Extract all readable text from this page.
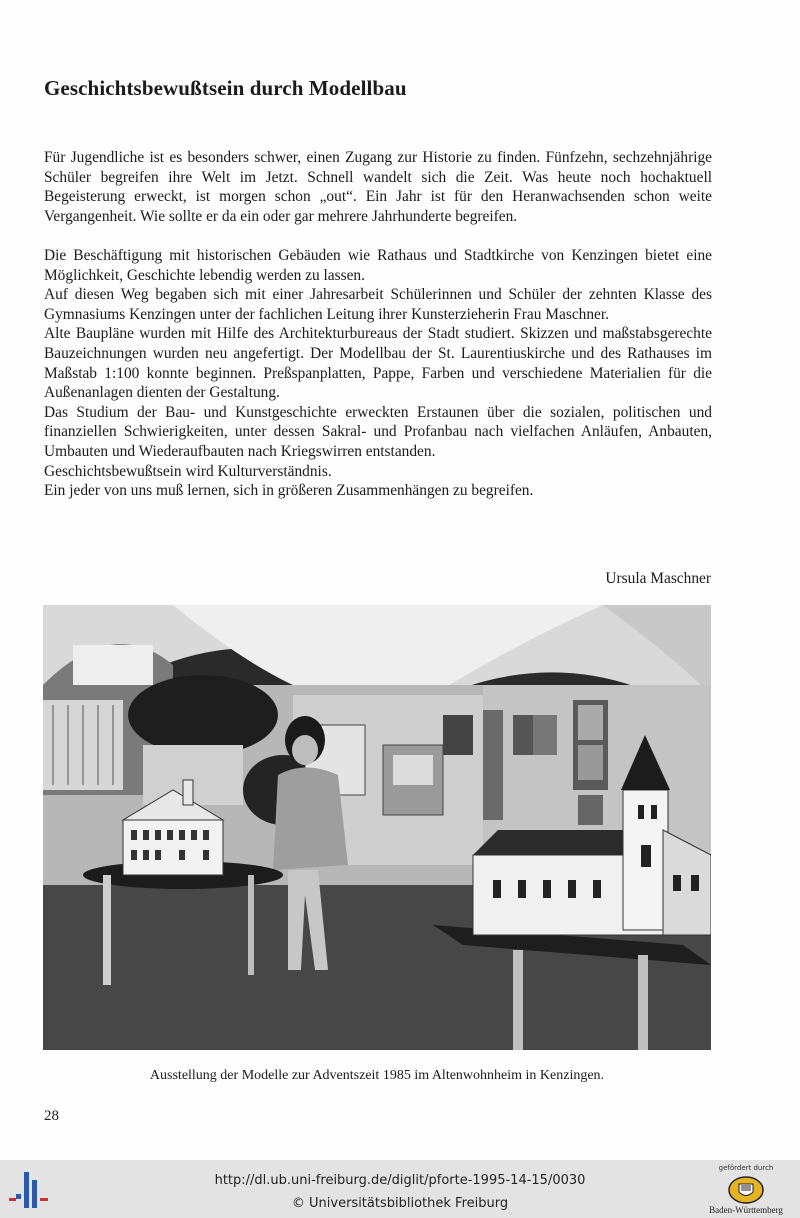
Geschichtsbewußtsein durch Modellbau

Für Jugendliche ist es besonders schwer, einen Zugang zur Historie zu finden. Fünfzehn, sechzehnjährige Schüler begreifen ihre Welt im Jetzt. Schnell wandelt sich die Zeit. Was heute noch hochaktuell Begeisterung erweckt, ist morgen schon „out“. Ein Jahr ist für den Heranwachsenden schon weite Vergangenheit. Wie sollte er da ein oder gar mehrere Jahrhunderte begreifen.

Die Beschäftigung mit historischen Gebäuden wie Rathaus und Stadtkirche von Kenzingen bietet eine Möglichkeit, Geschichte lebendig werden zu lassen.

Auf diesen Weg begaben sich mit einer Jahresarbeit Schülerinnen und Schüler der zehnten Klasse des Gymnasiums Kenzingen unter der fachlichen Leitung ihrer Kunsterzieherin Frau Maschner.

Alte Baupläne wurden mit Hilfe des Architekturbureaus der Stadt studiert. Skizzen und maßstabsgerechte Bauzeichnungen wurden neu angefertigt. Der Modellbau der St. Laurentiuskirche und des Rathauses im Maßstab 1:100 konnte beginnen. Preßspanplatten, Pappe, Farben und verschiedene Materialien für die Außenanlagen dienten der Gestaltung.

Das Studium der Bau- und Kunstgeschichte erweckten Erstaunen über die sozialen, politischen und finanziellen Schwierigkeiten, unter dessen Sakral- und Profanbau nach vielfachen Anläufen, Anbauten, Umbauten und Wiederaufbauten nach Kriegswirren entstanden.

Geschichtsbewußtsein wird Kulturverständnis.

Ein jeder von uns muß lernen, sich in größeren Zusammenhängen zu begreifen.

Ursula Maschner
Ausstellung der Modelle zur Adventszeit 1985 im Altenwohnheim in Kenzingen.
28
http://dl.ub.uni-freiburg.de/diglit/pforte-1995-14-15/0030
© Universitätsbibliothek Freiburg
gefördert durch
Baden-Württemberg
